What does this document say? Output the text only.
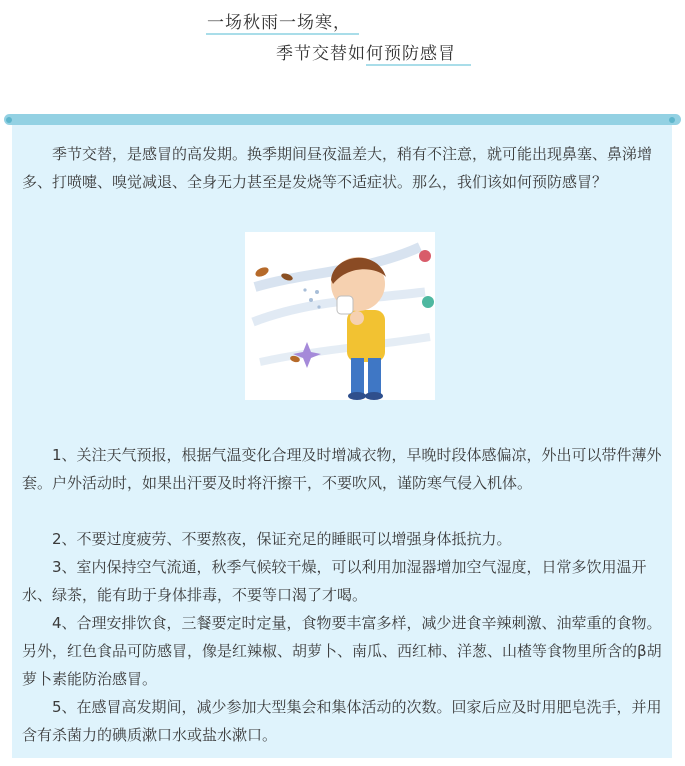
一场秋雨一场寒，
季节交替如何预防感冒
季节交替，是感冒的高发期。换季期间昼夜温差大，稍有不注意，就可能出现鼻塞、鼻涕增多、打喷嚏、嗅觉减退、全身无力甚至是发烧等不适症状。那么，我们该如何预防感冒？
1、关注天气预报，根据气温变化合理及时增减衣物，早晚时段体感偏凉，外出可以带件薄外套。户外活动时，如果出汗要及时将汗擦干，不要吹风，谨防寒气侵入机体。
2、不要过度疲劳、不要熬夜，保证充足的睡眠可以增强身体抵抗力。
3、室内保持空气流通，秋季气候较干燥，可以利用加湿器增加空气湿度，日常多饮用温开水、绿茶，能有助于身体排毒，不要等口渴了才喝。
4、合理安排饮食，三餐要定时定量，食物要丰富多样，减少进食辛辣刺激、油荤重的食物。另外，红色食品可防感冒，像是红辣椒、胡萝卜、南瓜、西红柿、洋葱、山楂等食物里所含的β胡萝卜素能防治感冒。
5、在感冒高发期间，减少参加大型集会和集体活动的次数。回家后应及时用肥皂洗手，并用含有杀菌力的碘质漱口水或盐水漱口。
